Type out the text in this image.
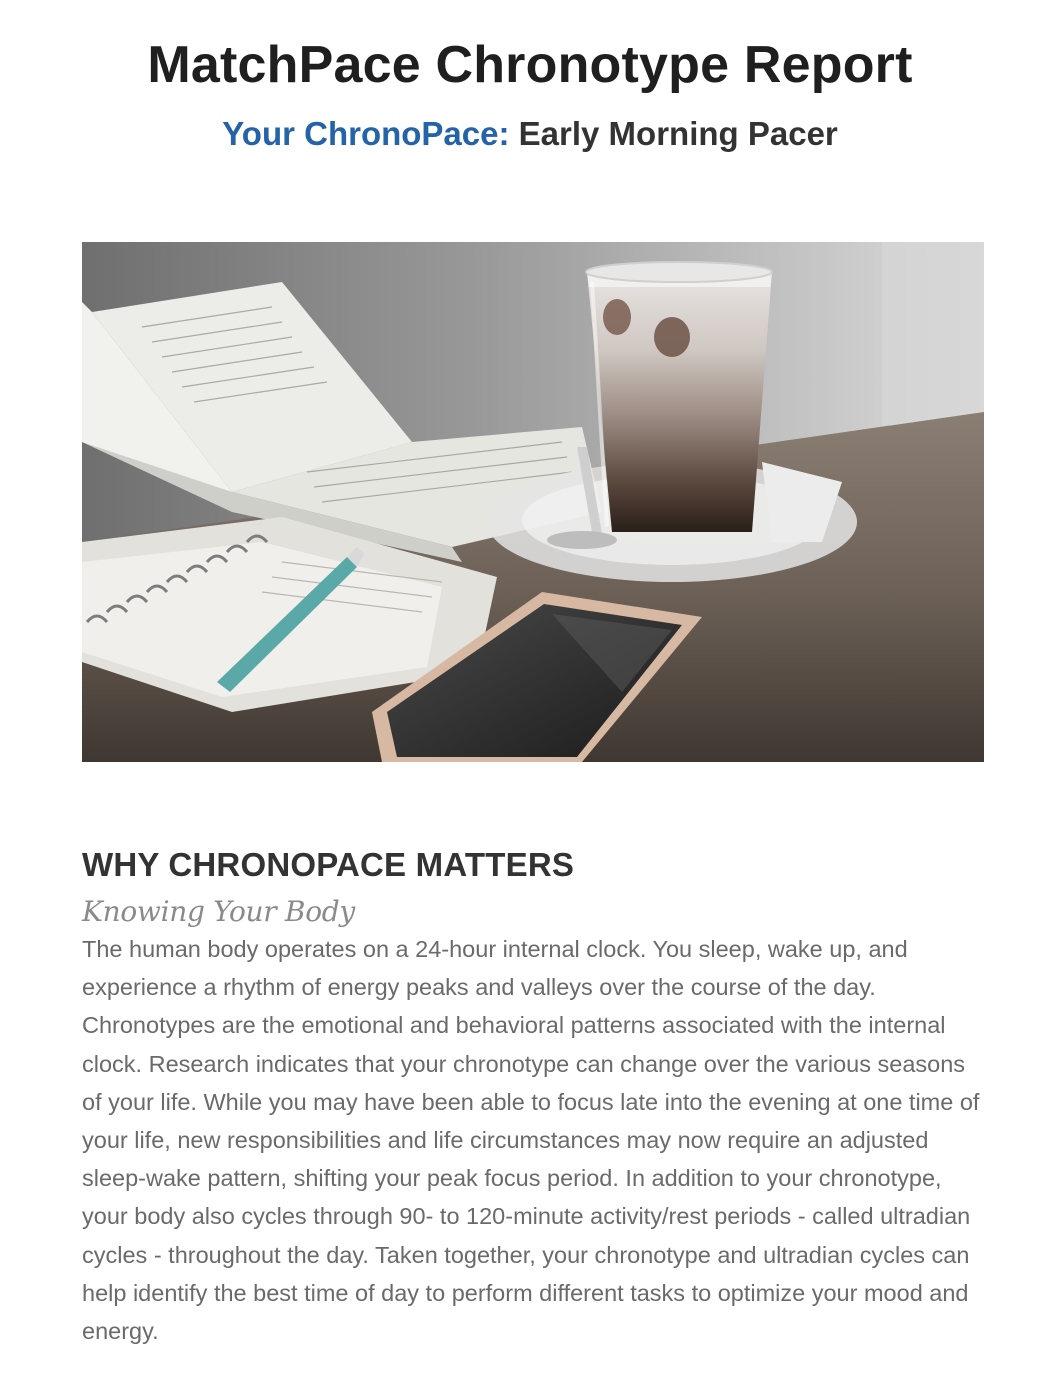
MatchPace Chronotype Report
Your ChronoPace: Early Morning Pacer
WHY CHRONOPACE MATTERS
Knowing Your Body

The human body operates on a 24-hour internal clock. You sleep, wake up, and experience a rhythm of energy peaks and valleys over the course of the day. Chronotypes are the emotional and behavioral patterns associated with the internal clock. Research indicates that your chronotype can change over the various seasons of your life. While you may have been able to focus late into the evening at one time of your life, new responsibilities and life circumstances may now require an adjusted sleep-wake pattern, shifting your peak focus period. In addition to your chronotype, your body also cycles through 90- to 120-minute activity/rest periods - called ultradian cycles - throughout the day. Taken together, your chronotype and ultradian cycles can help identify the best time of day to perform different tasks to optimize your mood and energy.
